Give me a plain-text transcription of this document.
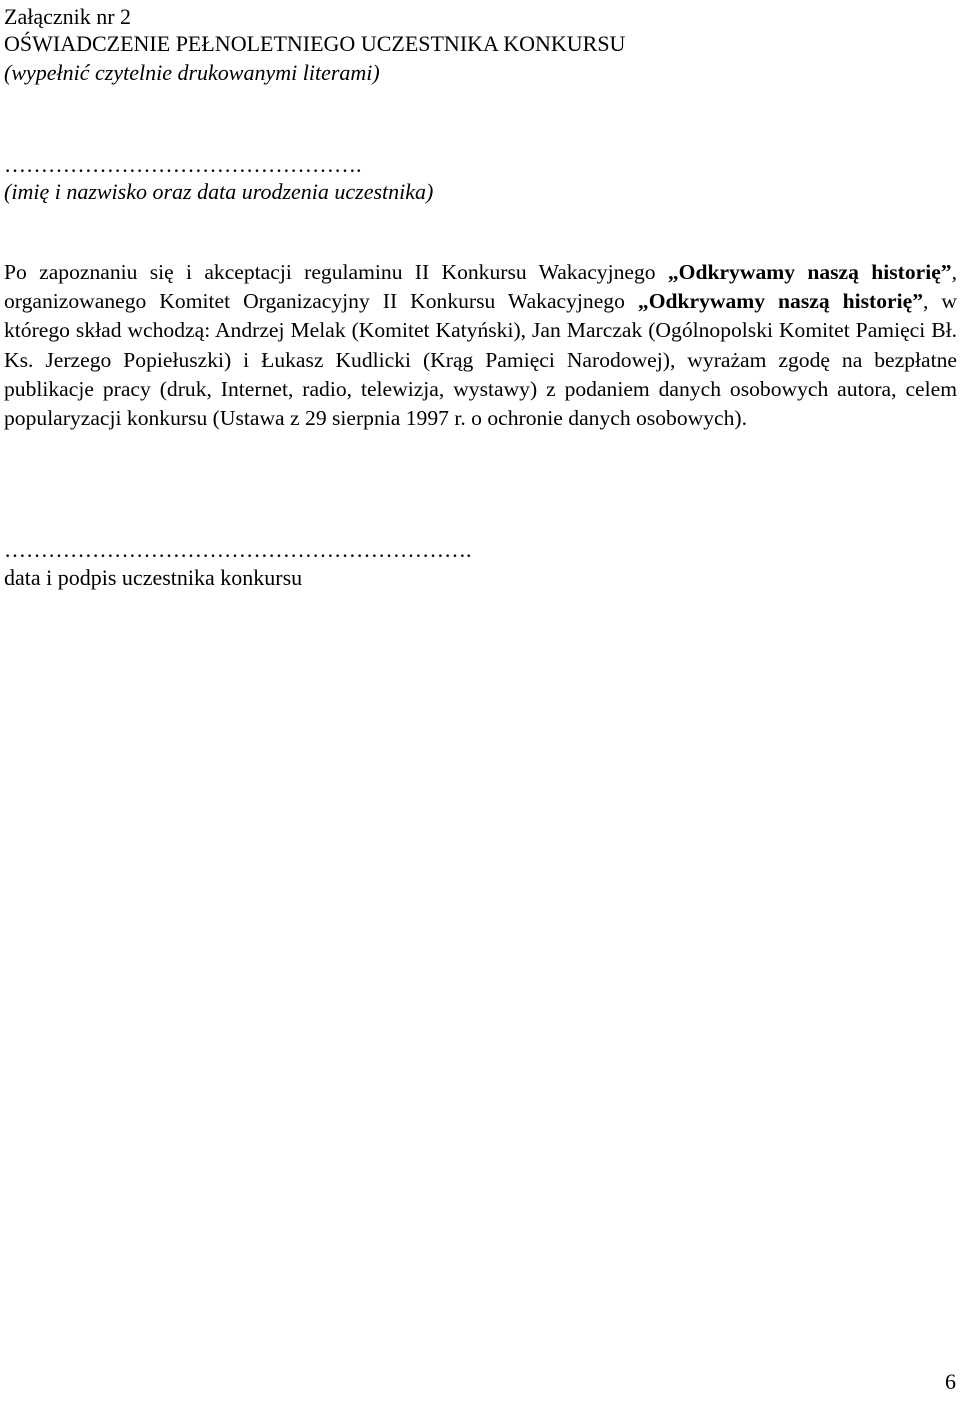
Załącznik nr 2
OŚWIADCZENIE PEŁNOLETNIEGO UCZESTNIKA KONKURSU
(wypełnić czytelnie drukowanymi literami)
………………………………………….
(imię i nazwisko oraz data urodzenia uczestnika)
Po zapoznaniu się i akceptacji regulaminu II Konkursu Wakacyjnego „Odkrywamy naszą historię”, organizowanego Komitet Organizacyjny II Konkursu Wakacyjnego „Odkrywamy naszą historię”, w którego skład wchodzą: Andrzej Melak (Komitet Katyński), Jan Marczak (Ogólnopolski Komitet Pamięci Bł. Ks. Jerzego Popiełuszki) i Łukasz Kudlicki (Krąg Pamięci Narodowej), wyrażam zgodę na bezpłatne publikacje pracy (druk, Internet, radio, telewizja, wystawy) z podaniem danych osobowych autora, celem popularyzacji konkursu (Ustawa z 29 sierpnia 1997 r. o ochronie danych osobowych).
……………………………………………………….
data i podpis uczestnika konkursu
6
